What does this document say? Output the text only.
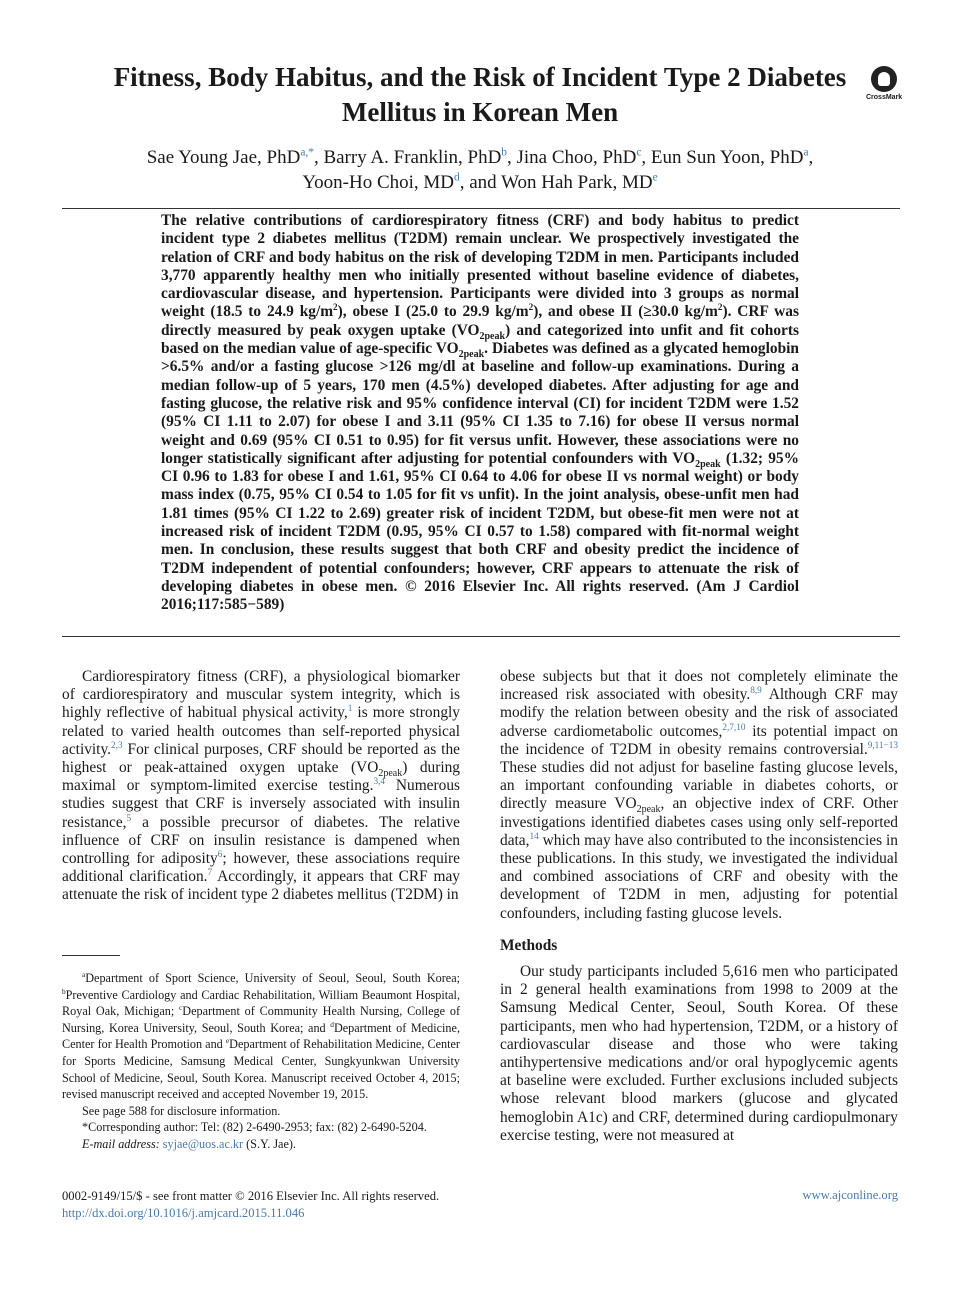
Fitness, Body Habitus, and the Risk of Incident Type 2 Diabetes Mellitus in Korean Men	CrossMark
Sae Young Jae, PhD$^{a,*}$, Barry A. Franklin, PhD$^b$, Jina Choo, PhD$^c$, Eun Sun Yoon, PhD$^a$,
Yoon-Ho Choi, MD$^d$, and Won Hah Park, MDe
The relative contributions of cardiorespiratory fitness (CRF) and body habitus to predict incident type 2 diabetes mellitus (T2DM) remain unclear. We prospectively investigated the relation of CRF and body habitus on the risk of developing T2DM in men. Participants included 3,770 apparently healthy men who initially presented without baseline evidence of diabetes, cardiovascular disease, and hypertension. Participants were divided into 3 groups as normal weight (18.5 to 24.9 $kg/m^2$), obese I (25.0 to 29.9 $kg/m^2$), and obese II (≥30.0 $kg/m^2$). CRF was directly measured by peak oxygen uptake $(VO_{2peak})$ and categorized into unfit and fit cohorts based on the median value of age-specific $VO_{2peak}$. Diabetes was defined as a glycated hemoglobin >6.5% and/or a fasting glucose >126 mg/dl at baseline and follow-up examinations. During a median follow-up of 5 years, 170 men (4.5%) developed diabetes. After adjusting for age and fasting glucose, the relative risk and 95% confidence interval (CI) for incident T2DM were 1.52 (95% CI 1.11 to 2.07) for obese I and 3.11 (95% CI 1.35 to 7.16) for obese II versus normal weight and 0.69 (95% CI 0.51 to 0.95) for fit versus unfit. However, these associations were no longer statistically significant after adjusting for potential confounders with $VO_{2peak}$ (1.32; 95% CI 0.96 to 1.83 for obese I and 1.61, 95% CI 0.64 to 4.06 for obese II vs normal weight) or body mass index (0.75, 95% CI 0.54 to 1.05 for fit vs unfit). In the joint analysis, obese-unfit men had 1.81 times (95% CI 1.22 to 2.69) greater risk of incident T2DM, but obese-fit men were not at increased risk of incident T2DM (0.95, 95% CI 0.57 to 1.58) compared with fit-normal weight men. In conclusion, these results suggest that both CRF and obesity predict the incidence of T2DM independent of potential confounders; however, CRF appears to attenuate the risk of developing diabetes in obese men. © 2016 Elsevier Inc. All rights reserved. (Am J Cardiol 2016;117:585−589)

Cardiorespiratory fitness (CRF), a physiological biomarker of cardiorespiratory and muscular system integrity, which is highly reflective of habitual physical activity,$^1$ is more strongly related to varied health outcomes than self-reported physical activity.$^{2,3}$ For clinical purposes, CRF should be reported as the highest or peak-attained oxygen uptake $(VO_{2peak})$ during maximal or symptom-limited exercise testing.$^{3,4}$ Numerous studies suggest that CRF is inversely associated with insulin resistance,$^5$ a possible precursor of diabetes. The relative influence of CRF on insulin resistance is dampened when controlling for adiposity$^6$; however, these associations require additional clarification.$^7$ Accordingly, it appears that CRF may attenuate the risk of incident type 2 diabetes mellitus (T2DM) in

obese subjects but that it does not completely eliminate the increased risk associated with obesity.$^{8,9}$ Although CRF may modify the relation between obesity and the risk of associated adverse cardiometabolic outcomes,$^{2,7,10}$ its potential impact on the incidence of T2DM in obesity remains controversial.$^{9,11-13}$ These studies did not adjust for baseline fasting glucose levels, an important confounding variable in diabetes cohorts, or directly measure $VO_{2peak}$, an objective index of CRF. Other investigations identified diabetes cases using only self-reported data,$^{14}$ which may have also contributed to the inconsistencies in these publications. In this study, we investigated the individual and combined associations of CRF and obesity with the development of T2DM in men, adjusting for potential confounders, including fasting glucose levels.

Methods

Our study participants included 5,616 men who participated in 2 general health examinations from 1998 to 2009 at the Samsung Medical Center, Seoul, South Korea. Of these participants, men who had hypertension, T2DM, or a history of cardiovascular disease and those who were taking antihypertensive medications and/or oral hypoglycemic agents at baseline were excluded. Further exclusions included subjects whose relevant blood markers (glucose and glycated hemoglobin A1c) and CRF, determined during cardiopulmonary exercise testing, were not measured at

$^a$Department of Sport Science, University of Seoul, Seoul, South Korea; $^b$Preventive Cardiology and Cardiac Rehabilitation, William Beaumont Hospital, Royal Oak, Michigan; $^c$Department of Community Health Nursing, College of Nursing, Korea University, Seoul, South Korea; and $^d$Department of Medicine, Center for Health Promotion and $^e$Department of Rehabilitation Medicine, Center for Sports Medicine, Samsung Medical Center, Sungkyunkwan University School of Medicine, Seoul, South Korea. Manuscript received October 4, 2015; revised manuscript received and accepted November 19, 2015.

See page 588 for disclosure information.

*Corresponding author: Tel: (82) 2-6490-2953; fax: (82) 2-6490-5204.

E-mail address: syjae@uos.ac.kr (S.Y. Jae).

0002-9149/15/$ - see front matter © 2016 Elsevier Inc. All rights reserved.
http://dx.doi.org/10.1016/j.amjcard.2015.11.046
www.ajconline.org
